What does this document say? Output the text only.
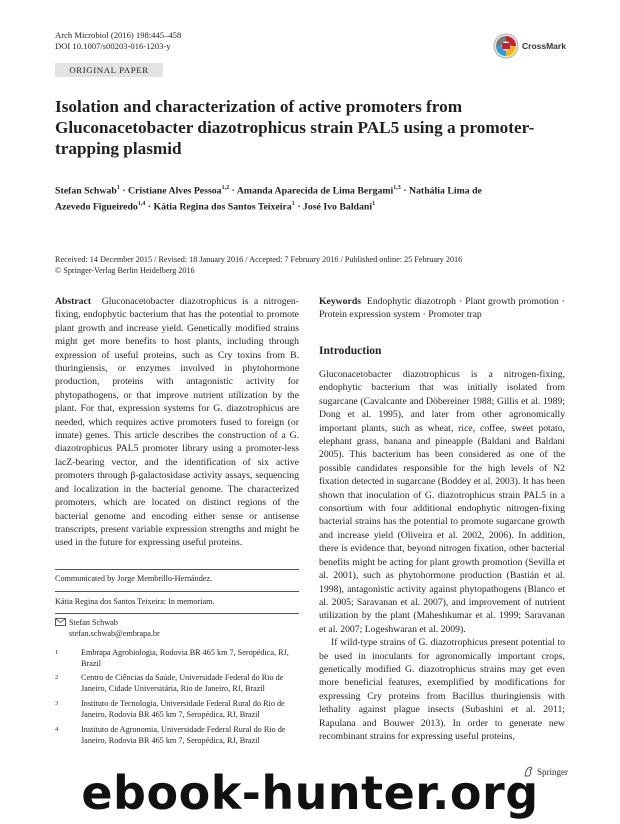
Arch Microbiol (2016) 198:445–458
DOI 10.1007/s00203-016-1203-y	CrossMark
ORIGINAL PAPER
Isolation and characterization of active promoters from Gluconacetobacter diazotrophicus strain PAL5 using a promoter-trapping plasmid
Stefan Schwab$^1$ · Cristiane Alves Pessoa$^{1,2}$ · Amanda Aparecida de Lima Bergami$^{1,3}$ · Nathália Lima de Azevedo Figueiredo$^{1,4}$ · Kátia Regina dos Santos Teixeira$^1$ · José Ivo Baldani$^1$
Received: 14 December 2015 / Revised: 18 January 2016 / Accepted: 7 February 2016 / Published online: 25 February 2016
© Springer-Verlag Berlin Heidelberg 2016
Abstract Gluconacetobacter diazotrophicus is a nitrogen-fixing, endophytic bacterium that has the potential to promote plant growth and increase yield. Genetically modified strains might get more benefits to host plants, including through expression of useful proteins, such as Cry toxins from B. thuringiensis, or enzymes involved in phytohormone production, proteins with antagonistic activity for phytopathogens, or that improve nutrient utilization by the plant. For that, expression systems for G. diazotrophicus are needed, which requires active promoters fused to foreign (or innate) genes. This article describes the construction of a G. diazotrophicus PAL5 promoter library using a promoter-less lacZ-bearing vector, and the identification of six active promoters through β-galactosidase activity assays, sequencing and localization in the bacterial genome. The characterized promoters, which are located on distinct regions of the bacterial genome and encoding either sense or antisense transcripts, present variable expression strengths and might be used in the future for expressing useful proteins.
Communicated by Jorge Membrillo-Hernández.
Kátia Regina dos Santos Teixeira: In memoriam.
Stefan Schwab
stefan.schwab@embrapa.br
1	Embrapa Agrobiologia, Rodovia BR 465 km 7, Seropédica, RJ, Brazil
2	Centro de Ciências da Saúde, Universidade Federal do Rio de Janeiro, Cidade Universitária, Rio de Janeiro, RJ, Brazil
3	Instituto de Tecnologia, Universidade Federal Rural do Rio de Janeiro, Rodovia BR 465 km 7, Seropédica, RJ, Brazil
4	Instituto de Agronomia, Universidade Federal Rural do Rio de Janeiro, Rodovia BR 465 km 7, Seropédica, RJ, Brazil
Keywords Endophytic diazotroph · Plant growth promotion · Protein expression system · Promoter trap
Introduction
Gluconacetobacter diazotrophicus is a nitrogen-fixing, endophytic bacterium that was initially isolated from sugarcane (Cavalcante and Döbereiner 1988; Gillis et al. 1989; Dong et al. 1995), and later from other agronomically important plants, such as wheat, rice, coffee, sweet potato, elephant grass, banana and pineapple (Baldani and Baldani 2005). This bacterium has been considered as one of the possible candidates responsible for the high levels of N2 fixation detected in sugarcane (Boddey et al. 2003). It has been shown that inoculation of G. diazotrophicus strain PAL5 in a consortium with four additional endophytic nitrogen-fixing bacterial strains has the potential to promote sugarcane growth and increase yield (Oliveira et al. 2002, 2006). In addition, there is evidence that, beyond nitrogen fixation, other bacterial benefits might be acting for plant growth promotion (Sevilla et al. 2001), such as phytohormone production (Bastián et al. 1998), antagonistic activity against phytopathogens (Blanco et al. 2005; Saravanan et al. 2007), and improvement of nutrient utilization by the plant (Maheshkumar et al. 1999; Saravanan et al. 2007; Logeshwaran et al. 2009).
If wild-type strains of G. diazotrophicus present potential to be used in inoculants for agronomically important crops, genetically modified G. diazotrophicus strains may get even more beneficial features, exemplified by modifications for expressing Cry proteins from Bacillus thuringiensis with lethality against plague insects (Subashini et al. 2011; Rapulana and Bouwer 2013). In order to generate new recombinant strains for expressing useful proteins,
Springer
ebook-hunter.org
